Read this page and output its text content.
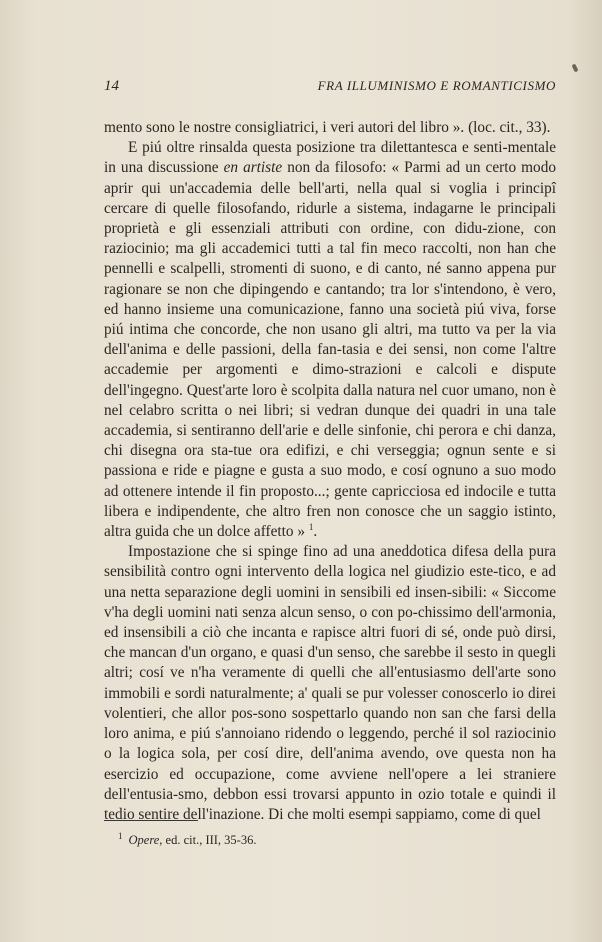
14	FRA ILLUMINISMO E ROMANTICISMO

mento sono le nostre consigliatrici, i veri autori del libro ». (loc. cit., 33).

E piú oltre rinsalda questa posizione tra dilettantesca e senti-mentale in una discussione en artiste non da filosofo: « Parmi ad un certo modo aprir qui un'accademia delle bell'arti, nella qual si voglia i principî cercare di quelle filosofando, ridurle a sistema, indagarne le principali proprietà e gli essenziali attributi con ordine, con didu-zione, con raziocinio; ma gli accademici tutti a tal fin meco raccolti, non han che pennelli e scalpelli, stromenti di suono, e di canto, né sanno appena pur ragionare se non che dipingendo e cantando; tra lor s'intendono, è vero, ed hanno insieme una comunicazione, fanno una società piú viva, forse piú intima che concorde, che non usano gli altri, ma tutto va per la via dell'anima e delle passioni, della fan-tasia e dei sensi, non come l'altre accademie per argomenti e dimo-strazioni e calcoli e dispute dell'ingegno. Quest'arte loro è scolpita dalla natura nel cuor umano, non è nel celabro scritta o nei libri; si vedran dunque dei quadri in una tale accademia, si sentiranno dell'arie e delle sinfonie, chi perora e chi danza, chi disegna ora sta-tue ora edifizi, e chi verseggia; ognun sente e si passiona e ride e piagne e gusta a suo modo, e cosí ognuno a suo modo ad ottenere intende il fin proposto...; gente capricciosa ed indocile e tutta libera e indipendente, che altro fren non conosce che un saggio istinto, altra guida che un dolce affetto » $^1$.

Impostazione che si spinge fino ad una aneddotica difesa della pura sensibilità contro ogni intervento della logica nel giudizio este-tico, e ad una netta separazione degli uomini in sensibili ed insen-sibili: « Siccome v'ha degli uomini nati senza alcun senso, o con po-chissimo dell'armonia, ed insensibili a ciò che incanta e rapisce altri fuori di sé, onde può dirsi, che mancan d'un organo, e quasi d'un senso, che sarebbe il sesto in quegli altri; cosí ve n'ha veramente di quelli che all'entusiasmo dell'arte sono immobili e sordi naturalmente; a' quali se pur volesser conoscerlo io direi volentieri, che allor pos-sono sospettarlo quando non san che farsi della loro anima, e piú s'annoiano ridendo o leggendo, perché il sol raziocinio o la logica sola, per cosí dire, dell'anima avendo, ove questa non ha esercizio ed occupazione, come avviene nell'opere a lei straniere dell'entusia-smo, debbon essi trovarsi appunto in ozio totale e quindi il tedio sentire dell'inazione. Di che molti esempi sappiamo, come di quel

$^1$ Opere, ed. cit., III, 35-36.
